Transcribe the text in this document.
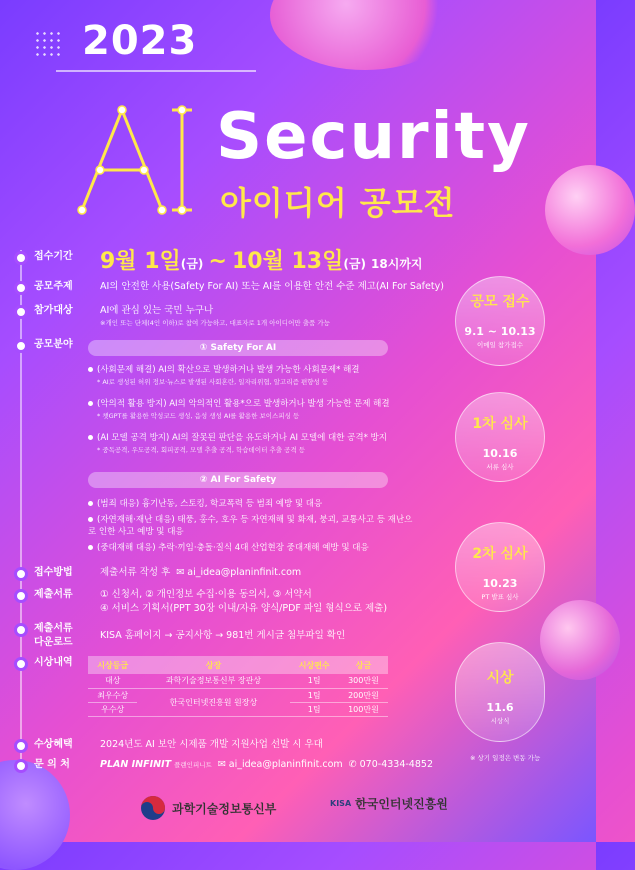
2023
AI
Security
아이디어 공모전
접수기간	9월 1일(금) ~ 10월 13일(금) 18시까지
공모주제	AI의 안전한 사용(Safety For AI) 또는 AI를 이용한 안전 수준 제고(AI For Safety)
참가대상	AI에 관심 있는 국민 누구나
※개인 또는 단체(4인 이하)로 참여 가능하고, 대표자로 1개 아이디어만 출품 가능
공모분야	① Safety For AI
(사회문제 해결) AI의 확산으로 발생하거나 발생 가능한 사회문제* 해결
* AI로 생성된 허위 정보·뉴스로 발생된 사회혼란, 일자리위협, 알고리즘 편향성 등
(악의적 활용 방지) AI의 악의적인 활용*으로 발생하거나 발생 가능한 문제 해결
* 챗GPT를 활용한 악성코드 생성, 음성 생성 AI를 활용한 보이스피싱 등
(AI 모델 공격 방지) AI의 잘못된 판단을 유도하거나 AI 모델에 대한 공격* 방지
* 중독공격, 우도공격, 회피공격, 모델 추출 공격, 학습데이터 추출 공격 등
② AI For Safety
(범죄 대응) 흉기난동, 스토킹, 학교폭력 등 범죄 예방 및 대응
(자연재해·재난 대응) 태풍, 홍수, 호우 등 자연재해 및 화재, 붕괴, 교통사고 등 재난으로 인한 사고 예방 및 대응
(중대재해 대응) 추락·끼임·충돌·질식 4대 산업현장 중대재해 예방 및 대응
접수방법	제출서류 작성 후 ✉ ai_idea@planinfinit.com
제출서류	① 신청서, ② 개인정보 수집·이용 동의서, ③ 서약서
④ 서비스 기획서(PPT 30장 이내/자유 양식/PDF 파일 형식으로 제출)
제출서류
다운로드
KISA 홈페이지 → 공지사항 → 981번 게시글 첨부파일 확인
시상내역	시상등급	상장	시상편수	상금
대상	과학기술정보통신부 장관상	1팀	300만원
최우수상	한국인터넷진흥원 원장상	1팀	200만원
우수상		1팀	100만원
수상혜택	2024년도 AI 보안 시제품 개발 지원사업 선발 시 우대
문 의 처	PLAN INFINIT 플랜인피니트 ✉ ai_idea@planinfinit.com ✆ 070-4334-4852
공모 접수
9.1 ~ 10.13
이메일 참가접수
1차 심사
10.16
서류 심사
2차 심사
10.23
PT 발표 심사
시상
11.6
시상식
※ 상기 일정은 변동 가능
과학기술정보통신부	KISA 한국인터넷진흥원
